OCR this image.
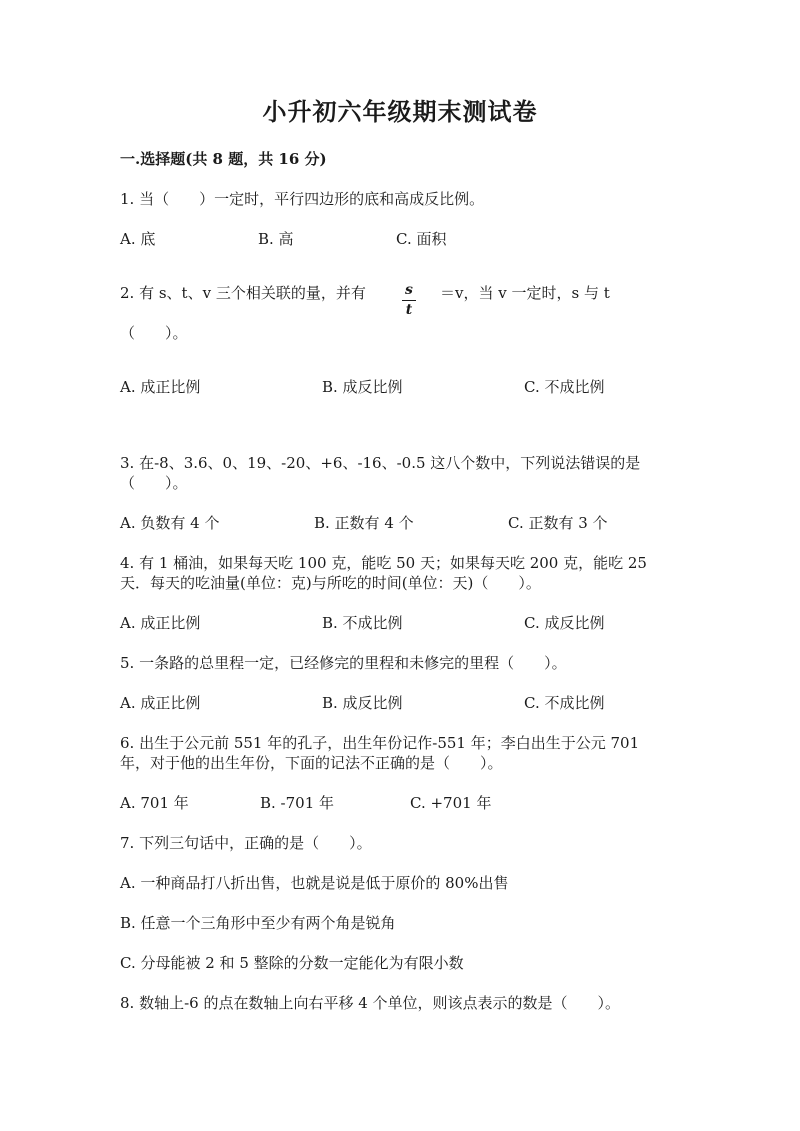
小升初六年级期末测试卷
一.选择题(共 8 题，共 16 分)
1. 当（　　）一定时，平行四边形的底和高成反比例。
A. 底	B. 高	C. 面积
2. 有 s、t、v 三个相关联的量，并有	s
t
＝v，当 v 一定时，s 与 t
（　　）。
A. 成正比例	B. 成反比例	C. 不成比例
3. 在-8、3.6、0、19、-20、+6、-16、-0.5 这八个数中，下列说法错误的是
（　　）。
A. 负数有 4 个	B. 正数有 4 个	C. 正数有 3 个
4. 有 1 桶油，如果每天吃 100 克，能吃 50 天；如果每天吃 200 克，能吃 25
天．每天的吃油量(单位：克)与所吃的时间(单位：天)（　　）。
A. 成正比例	B. 不成比例	C. 成反比例
5. 一条路的总里程一定，已经修完的里程和未修完的里程（　　）。
A. 成正比例	B. 成反比例	C. 不成比例
6. 出生于公元前 551 年的孔子，出生年份记作-551 年；李白出生于公元 701
年，对于他的出生年份，下面的记法不正确的是（　　）。
A. 701 年	B. -701 年	C. +701 年
7. 下列三句话中，正确的是（　　）。
A. 一种商品打八折出售，也就是说是低于原价的 80%出售
B. 任意一个三角形中至少有两个角是锐角
C. 分母能被 2 和 5 整除的分数一定能化为有限小数
8. 数轴上-6 的点在数轴上向右平移 4 个单位，则该点表示的数是（　　）。
